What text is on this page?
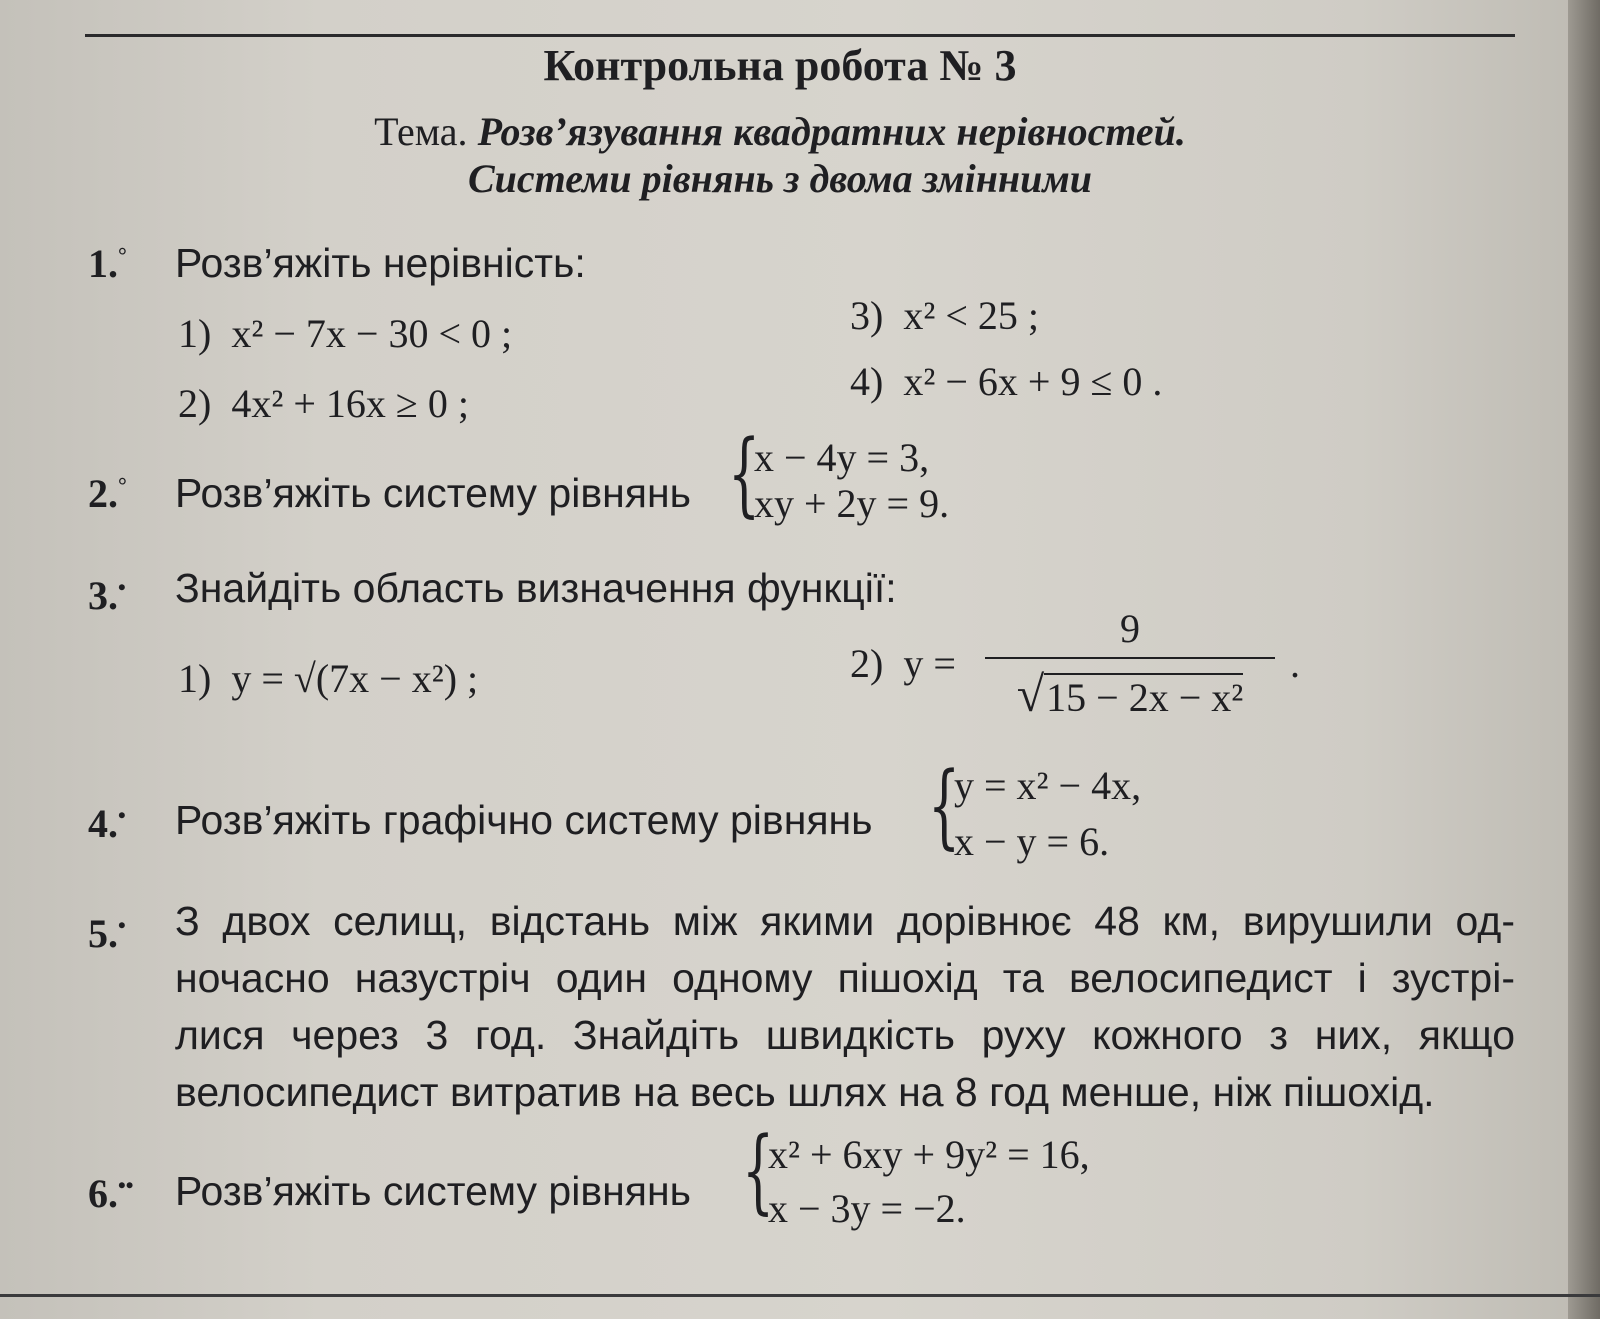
Контрольна робота № 3
Тема. Розв’язування квадратних нерівностей.
Системи рівнянь з двома змінними
1.° Розв’яжіть нерівність:
1) x² − 7x − 30 < 0 ;
2) 4x² + 16x ≥ 0 ;
3) x² < 25 ;
4) x² − 6x + 9 ≤ 0 .
2.° Розв’яжіть систему рівнянь {
x − 4y = 3,
xy + 2y = 9.
3.• Знайдіть область визначення функції:
1) y = √(7x − x²) ;	2) y =
9
√15 − 2x − x²
.
4.• Розв’яжіть графічно систему рівнянь {
y = x² − 4x,
x − y = 6.
5.• З двох селищ, відстань між якими дорівнює 48 км, вирушили од-
ночасно назустріч один одному пішохід та велосипедист і зустрі-
лися через 3 год. Знайдіть швидкість руху кожного з них, якщо
велосипедист витратив на весь шлях на 8 год менше, ніж пішохід.
6.•• Розв’яжіть систему рівнянь {
x² + 6xy + 9y² = 16,
x − 3y = −2.
